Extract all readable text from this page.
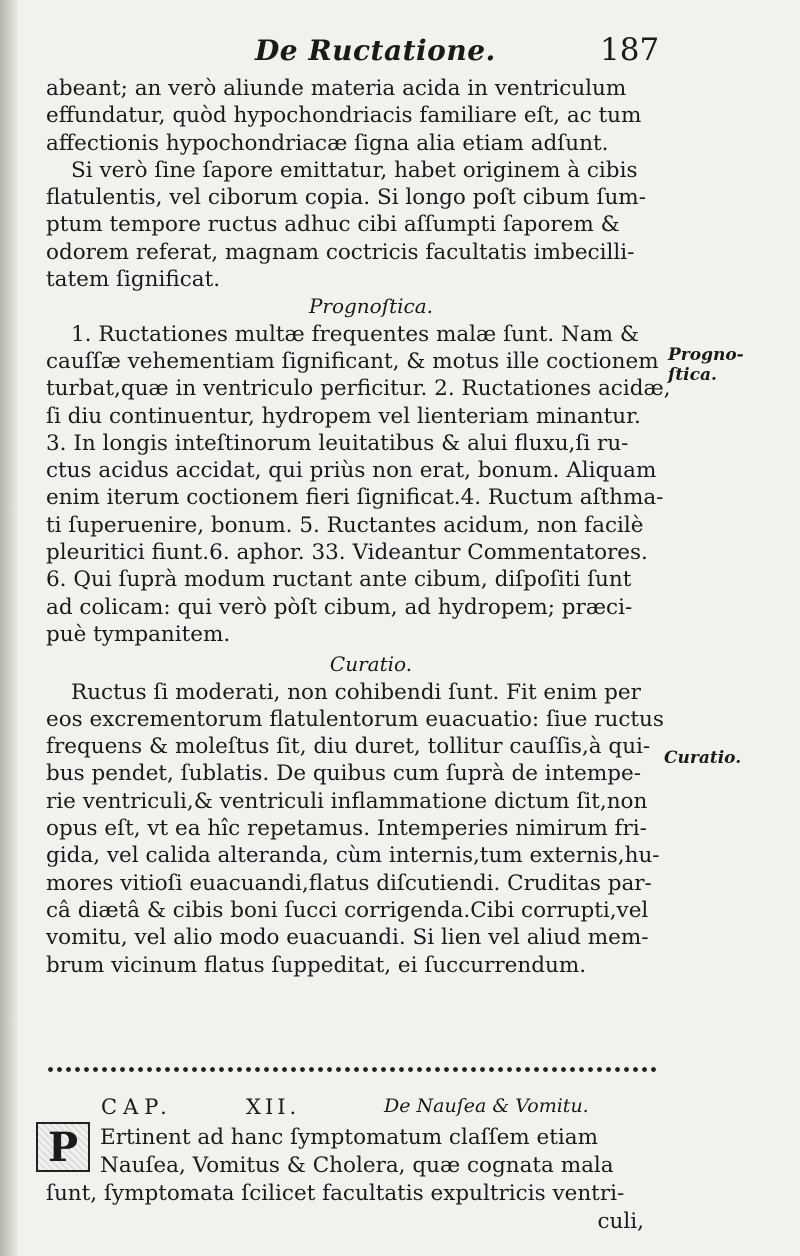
De Ructatione.	187
abeant; an verò aliunde materia acida in ventriculum
effundatur, quòd hypochondriacis familiare eſt, ac tum
affectionis hypochondriacæ ſigna alia etiam adſunt.
Si verò ſine ſapore emittatur, habet originem à cibis
flatulentis, vel ciborum copia. Si longo poſt cibum ſum-
ptum tempore ructus adhuc cibi aſſumpti ſaporem &
odorem referat, magnam coctricis facultatis imbecilli-
tatem ſignificat.
Prognoſtica.
1. Ructationes multæ frequentes malæ ſunt. Nam &
cauſſæ vehementiam ſignificant, & motus ille coctionem
turbat,quæ in ventriculo perficitur. 2. Ructationes acidæ,
ſi diu continuentur, hydropem vel lienteriam minantur.
3. In longis inteſtinorum leuitatibus & alui fluxu,ſi ru-
ctus acidus accidat, qui priùs non erat, bonum. Aliquam
enim iterum coctionem fieri ſignificat.4. Ructum aſthma-
ti ſuperuenire, bonum. 5. Ructantes acidum, non facilè
pleuritici fiunt.6. aphor. 33. Videantur Commentatores.
6. Qui ſuprà modum ructant ante cibum, diſpoſiti ſunt
ad colicam: qui verò pòſt cibum, ad hydropem; præci-
puè tympanitem.
Curatio.
Ructus ſi moderati, non cohibendi ſunt. Fit enim per
eos excrementorum flatulentorum euacuatio: ſiue ructus
frequens & moleſtus ſit, diu duret, tollitur cauſſis,à qui-
bus pendet, ſublatis. De quibus cum ſuprà de intempe-
rie ventriculi,& ventriculi inflammatione dictum ſit,non
opus eſt, vt ea hîc repetamus. Intemperies nimirum fri-
gida, vel calida alteranda, cùm internis,tum externis,hu-
mores vitioſi euacuandi,flatus diſcutiendi. Cruditas par-
câ diætâ & cibis boni ſucci corrigenda.Cibi corrupti,vel
vomitu, vel alio modo euacuandi. Si lien vel aliud mem-
brum vicinum flatus ſuppeditat, ei ſuccurrendum.
Progno-
ſtica.
Curatio.
CAP.	XII.	De Nauſea & Vomitu.
P	Ertinent ad hanc ſymptomatum claſſem etiam
Nauſea, Vomitus & Cholera, quæ cognata mala
ſunt, ſymptomata ſcilicet facultatis expultricis ventri-
culi,
